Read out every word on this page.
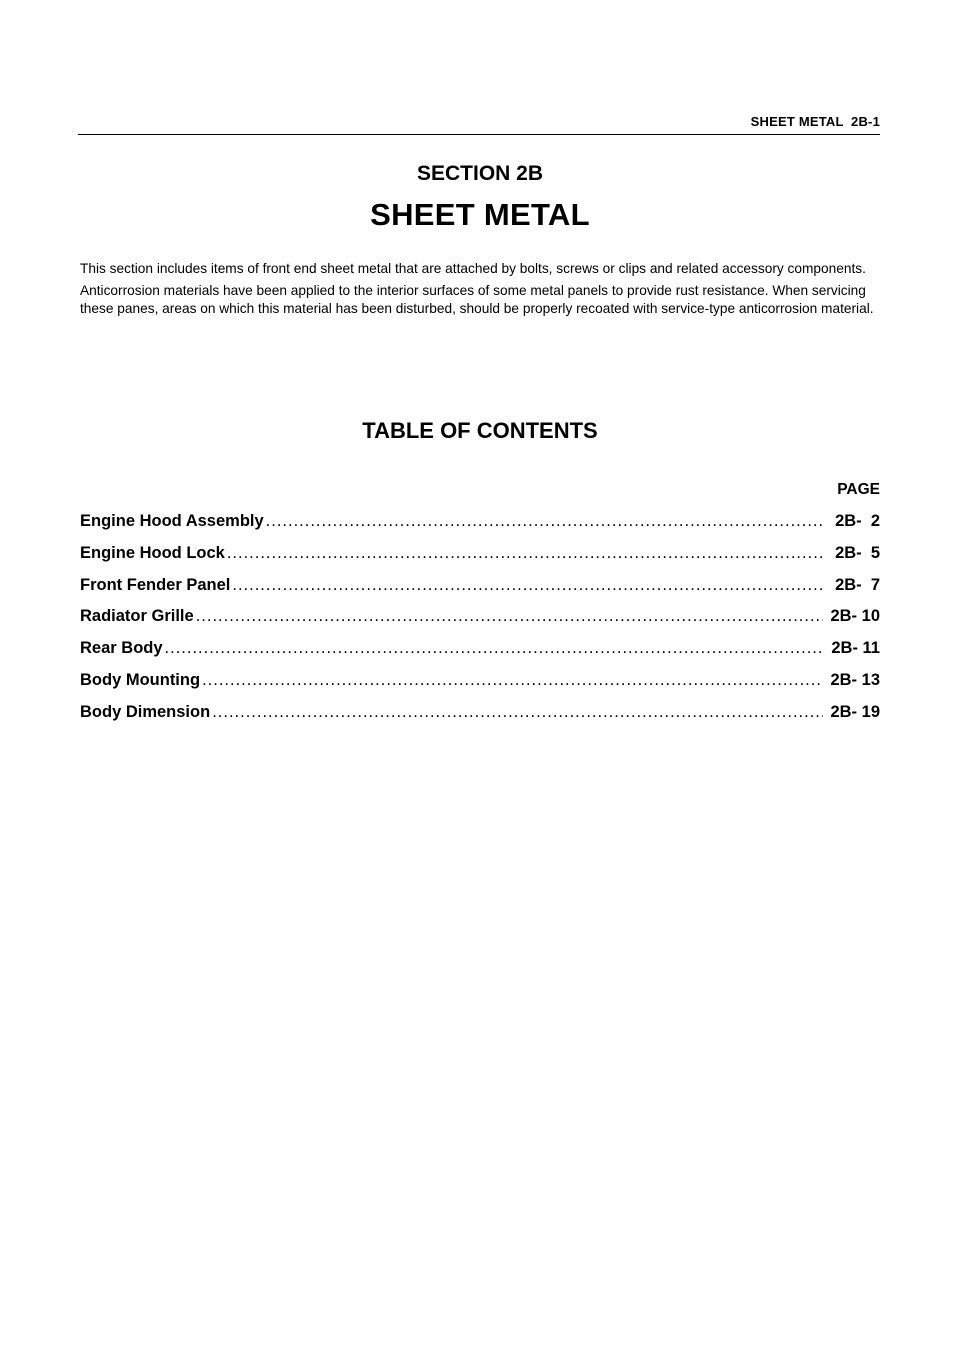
SHEET METAL  2B-1
SECTION 2B
SHEET METAL

This section includes items of front end sheet metal that are attached by bolts, screws or clips and related accessory components.

Anticorrosion materials have been applied to the interior surfaces of some metal panels to provide rust resistance. When servicing these panes, areas on which this material has been disturbed, should be properly recoated with service-type anticorrosion material.

TABLE OF CONTENTS
PAGE
Engine Hood Assembly .....	2B-  2
Engine Hood Lock .....	2B-  5
Front Fender Panel .....	2B-  7
Radiator Grille .....	2B- 10
Rear Body .....	2B- 11
Body Mounting .....	2B- 13
Body Dimension .....	2B- 19
